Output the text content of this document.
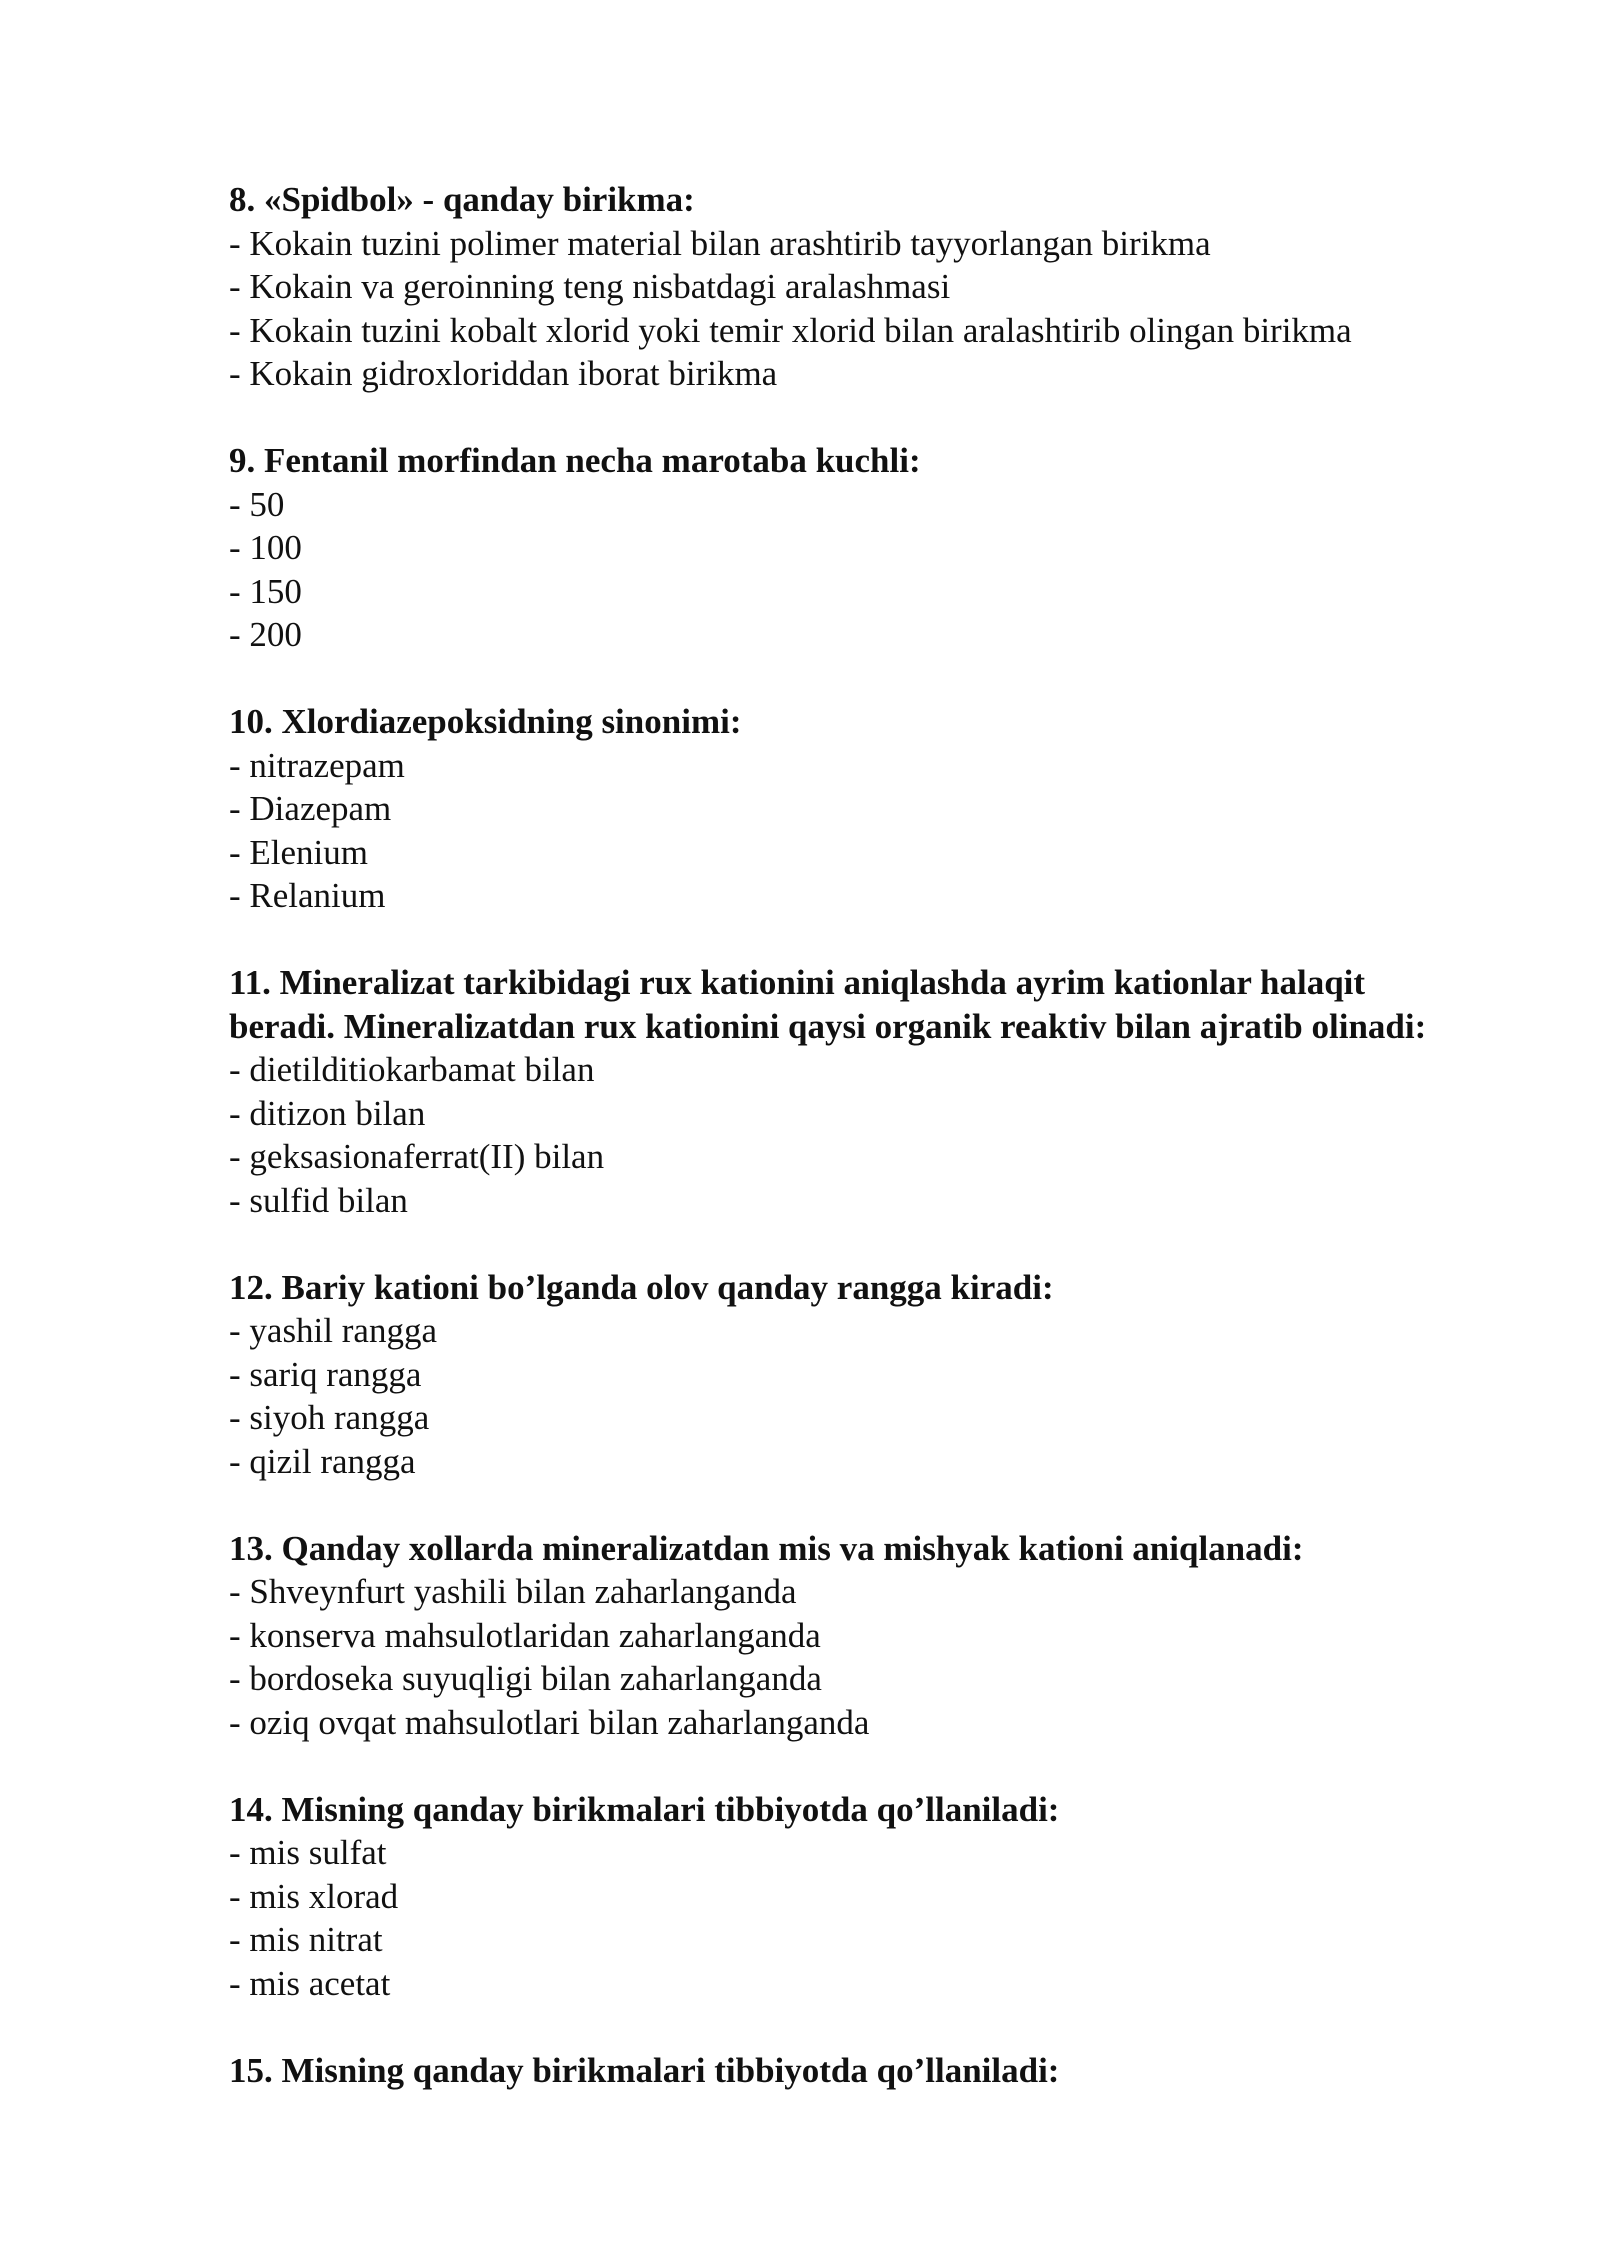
8. «Spidbol» - qanday birikma:

- Kokain tuzini polimer material bilan arashtirib tayyorlangan birikma

- Kokain va geroinning teng nisbatdagi aralashmasi

- Kokain tuzini kobalt xlorid yoki temir xlorid bilan aralashtirib olingan birikma

- Kokain gidroxloriddan iborat birikma

9. Fentanil morfindan necha marotaba kuchli:

- 50

- 100

- 150

- 200

10. Xlordiazepoksidning sinonimi:

- nitrazepam

- Diazepam

- Elenium

- Relanium

11. Mineralizat tarkibidagi rux kationini aniqlashda ayrim kationlar halaqit beradi. Mineralizatdan rux kationini qaysi organik reaktiv bilan ajratib olinadi:

- dietilditiokarbamat bilan

- ditizon bilan

- geksasionaferrat(II) bilan

- sulfid bilan

12. Bariy kationi bo’lganda olov qanday rangga kiradi:

- yashil rangga

- sariq rangga

- siyoh rangga

- qizil rangga

13. Qanday xollarda mineralizatdan mis va mishyak kationi aniqlanadi:

- Shveynfurt yashili bilan zaharlanganda

- konserva mahsulotlaridan zaharlanganda

- bordoseka suyuqligi bilan zaharlanganda

- oziq ovqat mahsulotlari bilan zaharlanganda

14. Misning qanday birikmalari tibbiyotda qo’llaniladi:

- mis sulfat

- mis xlorad

- mis nitrat

- mis acetat

15. Misning qanday birikmalari tibbiyotda qo’llaniladi:
